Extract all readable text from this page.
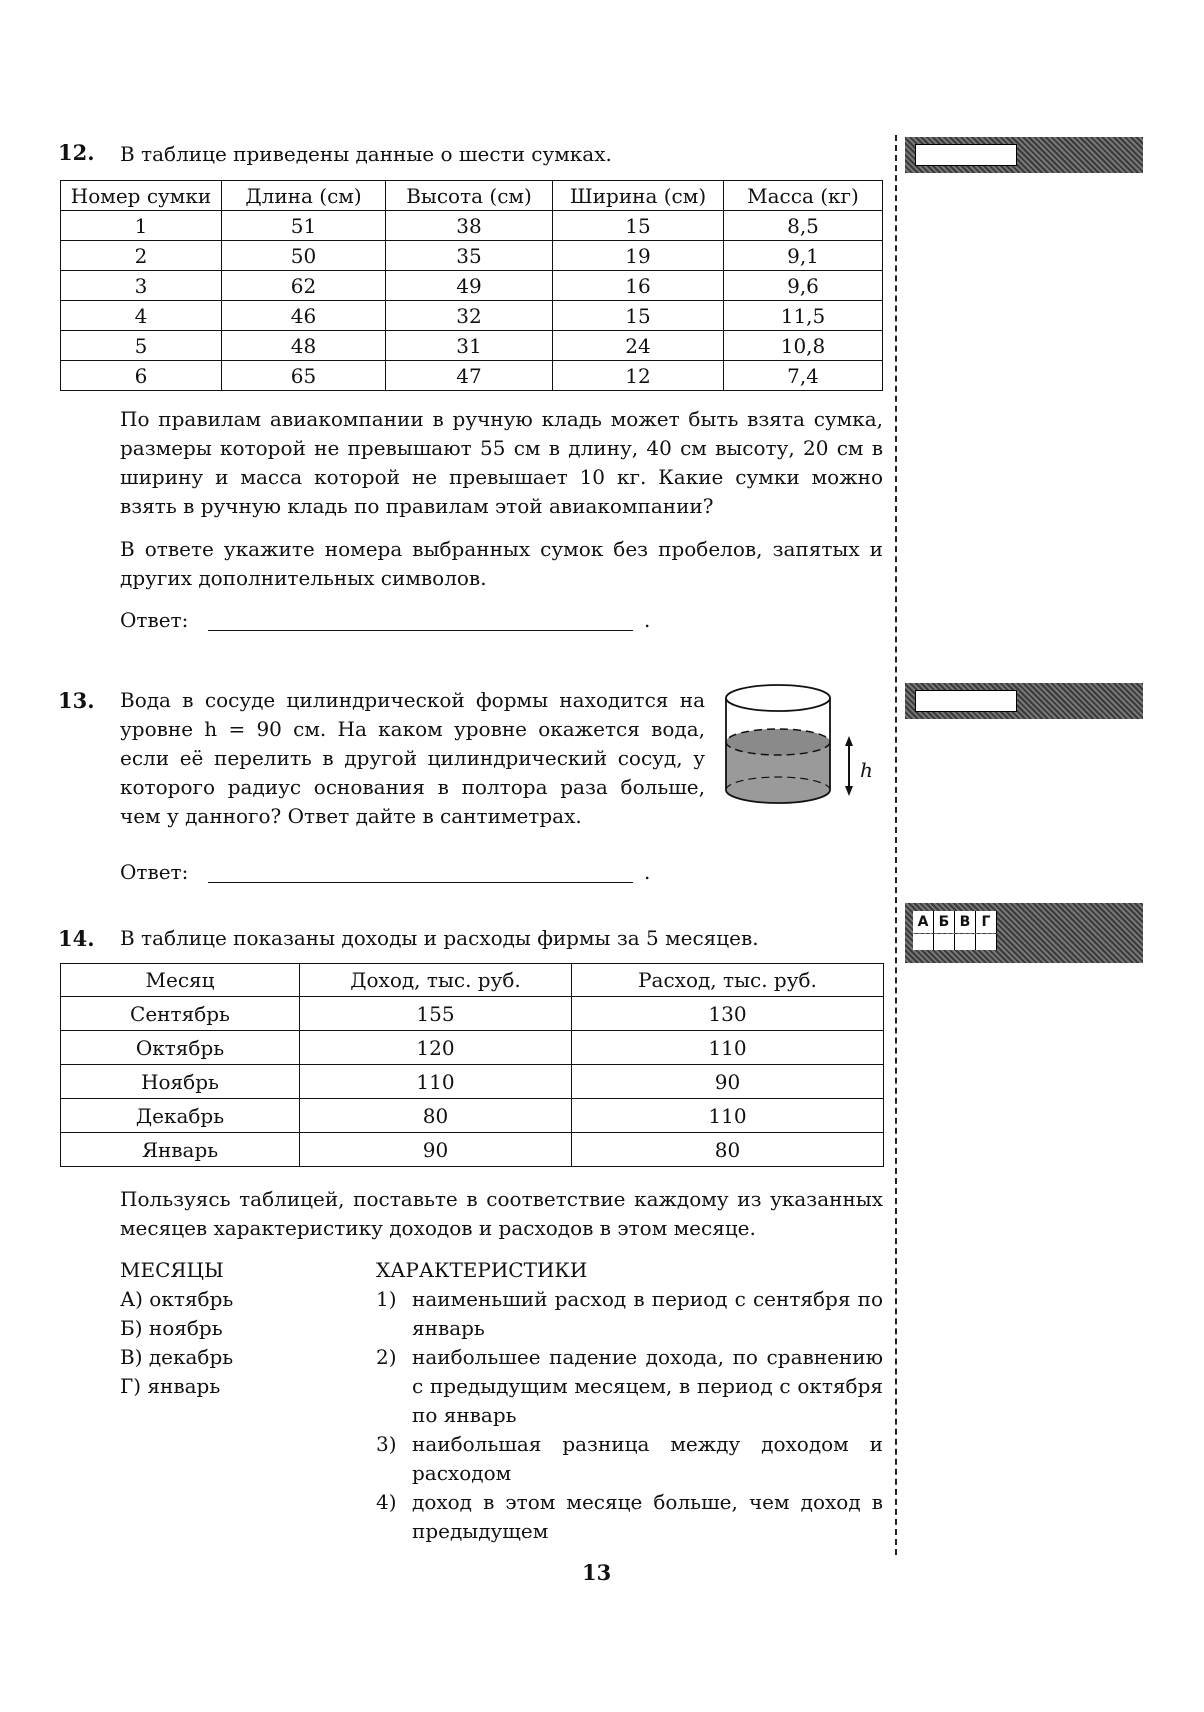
12. В таблице приведены данные о шести сумках.
Номер сумки	Длина (см)	Высота (см)	Ширина (см)	Масса (кг)
1	51	38	15	8,5
2	50	35	19	9,1
3	62	49	16	9,6
4	46	32	15	11,5
5	48	31	24	10,8
6	65	47	12	7,4
По правилам авиакомпании в ручную кладь может быть взята сумка, размеры которой не превышают 55 см в длину, 40 см высоту, 20 см в ширину и масса которой не превышает 10 кг. Какие сумки можно взять в ручную кладь по правилам этой авиакомпании?
В ответе укажите номера выбранных сумок без пробелов, запятых и других дополнительных символов.
Ответ:	.
13. Вода в сосуде цилиндрической формы находится на уровне h = 90 см. На каком уровне окажется вода, если её перелить в другой цилиндрический сосуд, у которого радиус основания в полтора раза больше, чем у данного? Ответ дайте в сантиметрах.
h
Ответ:	.
14. В таблице показаны доходы и расходы фирмы за 5 месяцев.
Месяц	Доход, тыс. руб.	Расход, тыс. руб.
Сентябрь	155	130
Октябрь	120	110
Ноябрь	110	90
Декабрь	80	110
Январь	90	80
Пользуясь таблицей, поставьте в соответствие каждому из указанных месяцев характеристику доходов и расходов в этом месяце.
МЕСЯЦЫ
А) октябрь
Б) ноябрь
В) декабрь
Г) январь
ХАРАКТЕРИСТИКИ
1) наименьший расход в период с сентября по январь
2) наибольшее падение дохода, по сравнению с предыдущим месяцем, в период с октября по январь
3) наибольшая разница между доходом и расходом
4) доход в этом месяце больше, чем доход в предыдущем
13
А Б В Г
